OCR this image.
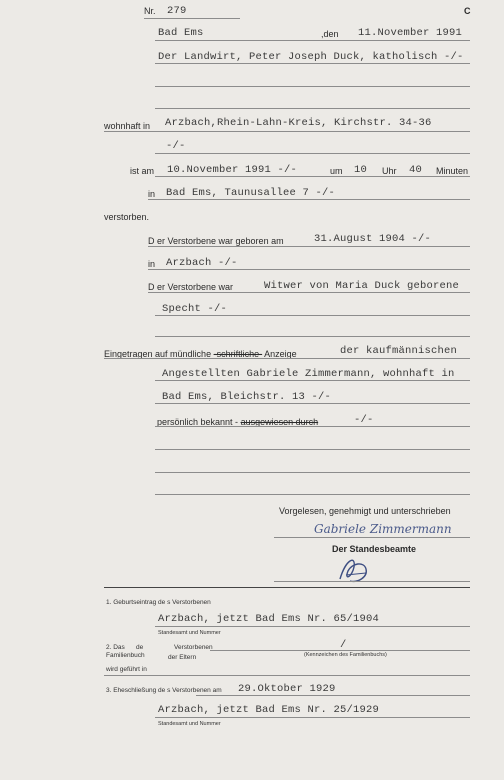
Nr. 279	C
Bad Ems	,den 11.November 1991
Der Landwirt, Peter Joseph Duck, katholisch -/-
wohnhaft in Arzbach,Rhein-Lahn-Kreis, Kirchstr. 34-36
-/-
ist am 10.November 1991 -/-	um 10 Uhr 40 Minuten
in Bad Ems, Taunusallee 7 -/-
verstorben.
D er Verstorbene war geboren am	31.August 1904 -/-
in Arzbach -/-
D er Verstorbene war	Witwer von Maria Duck geborene
Specht -/-
Eingetragen auf mündliche -schriftliche- Anzeige	der kaufmännischen
Angestellten Gabriele Zimmermann, wohnhaft in
Bad Ems, Bleichstr. 13 -/-
persönlich bekannt - ausgewiesen durch	-/-
Vorgelesen, genehmigt und unterschrieben
Gabriele Zimmermann
Der Standesbeamte
1. Geburtseintrag de s Verstorbenen
Arzbach, jetzt Bad Ems Nr. 65/1904
Standesamt und Nummer
2. Das de	Verstorbenen
Familienbuch	der Eltern
/
(Kennzeichen des Familienbuchs)
wird geführt in
3. Eheschließung de s Verstorbenen am 29.Oktober 1929
Arzbach, jetzt Bad Ems Nr. 25/1929
Standesamt und Nummer
